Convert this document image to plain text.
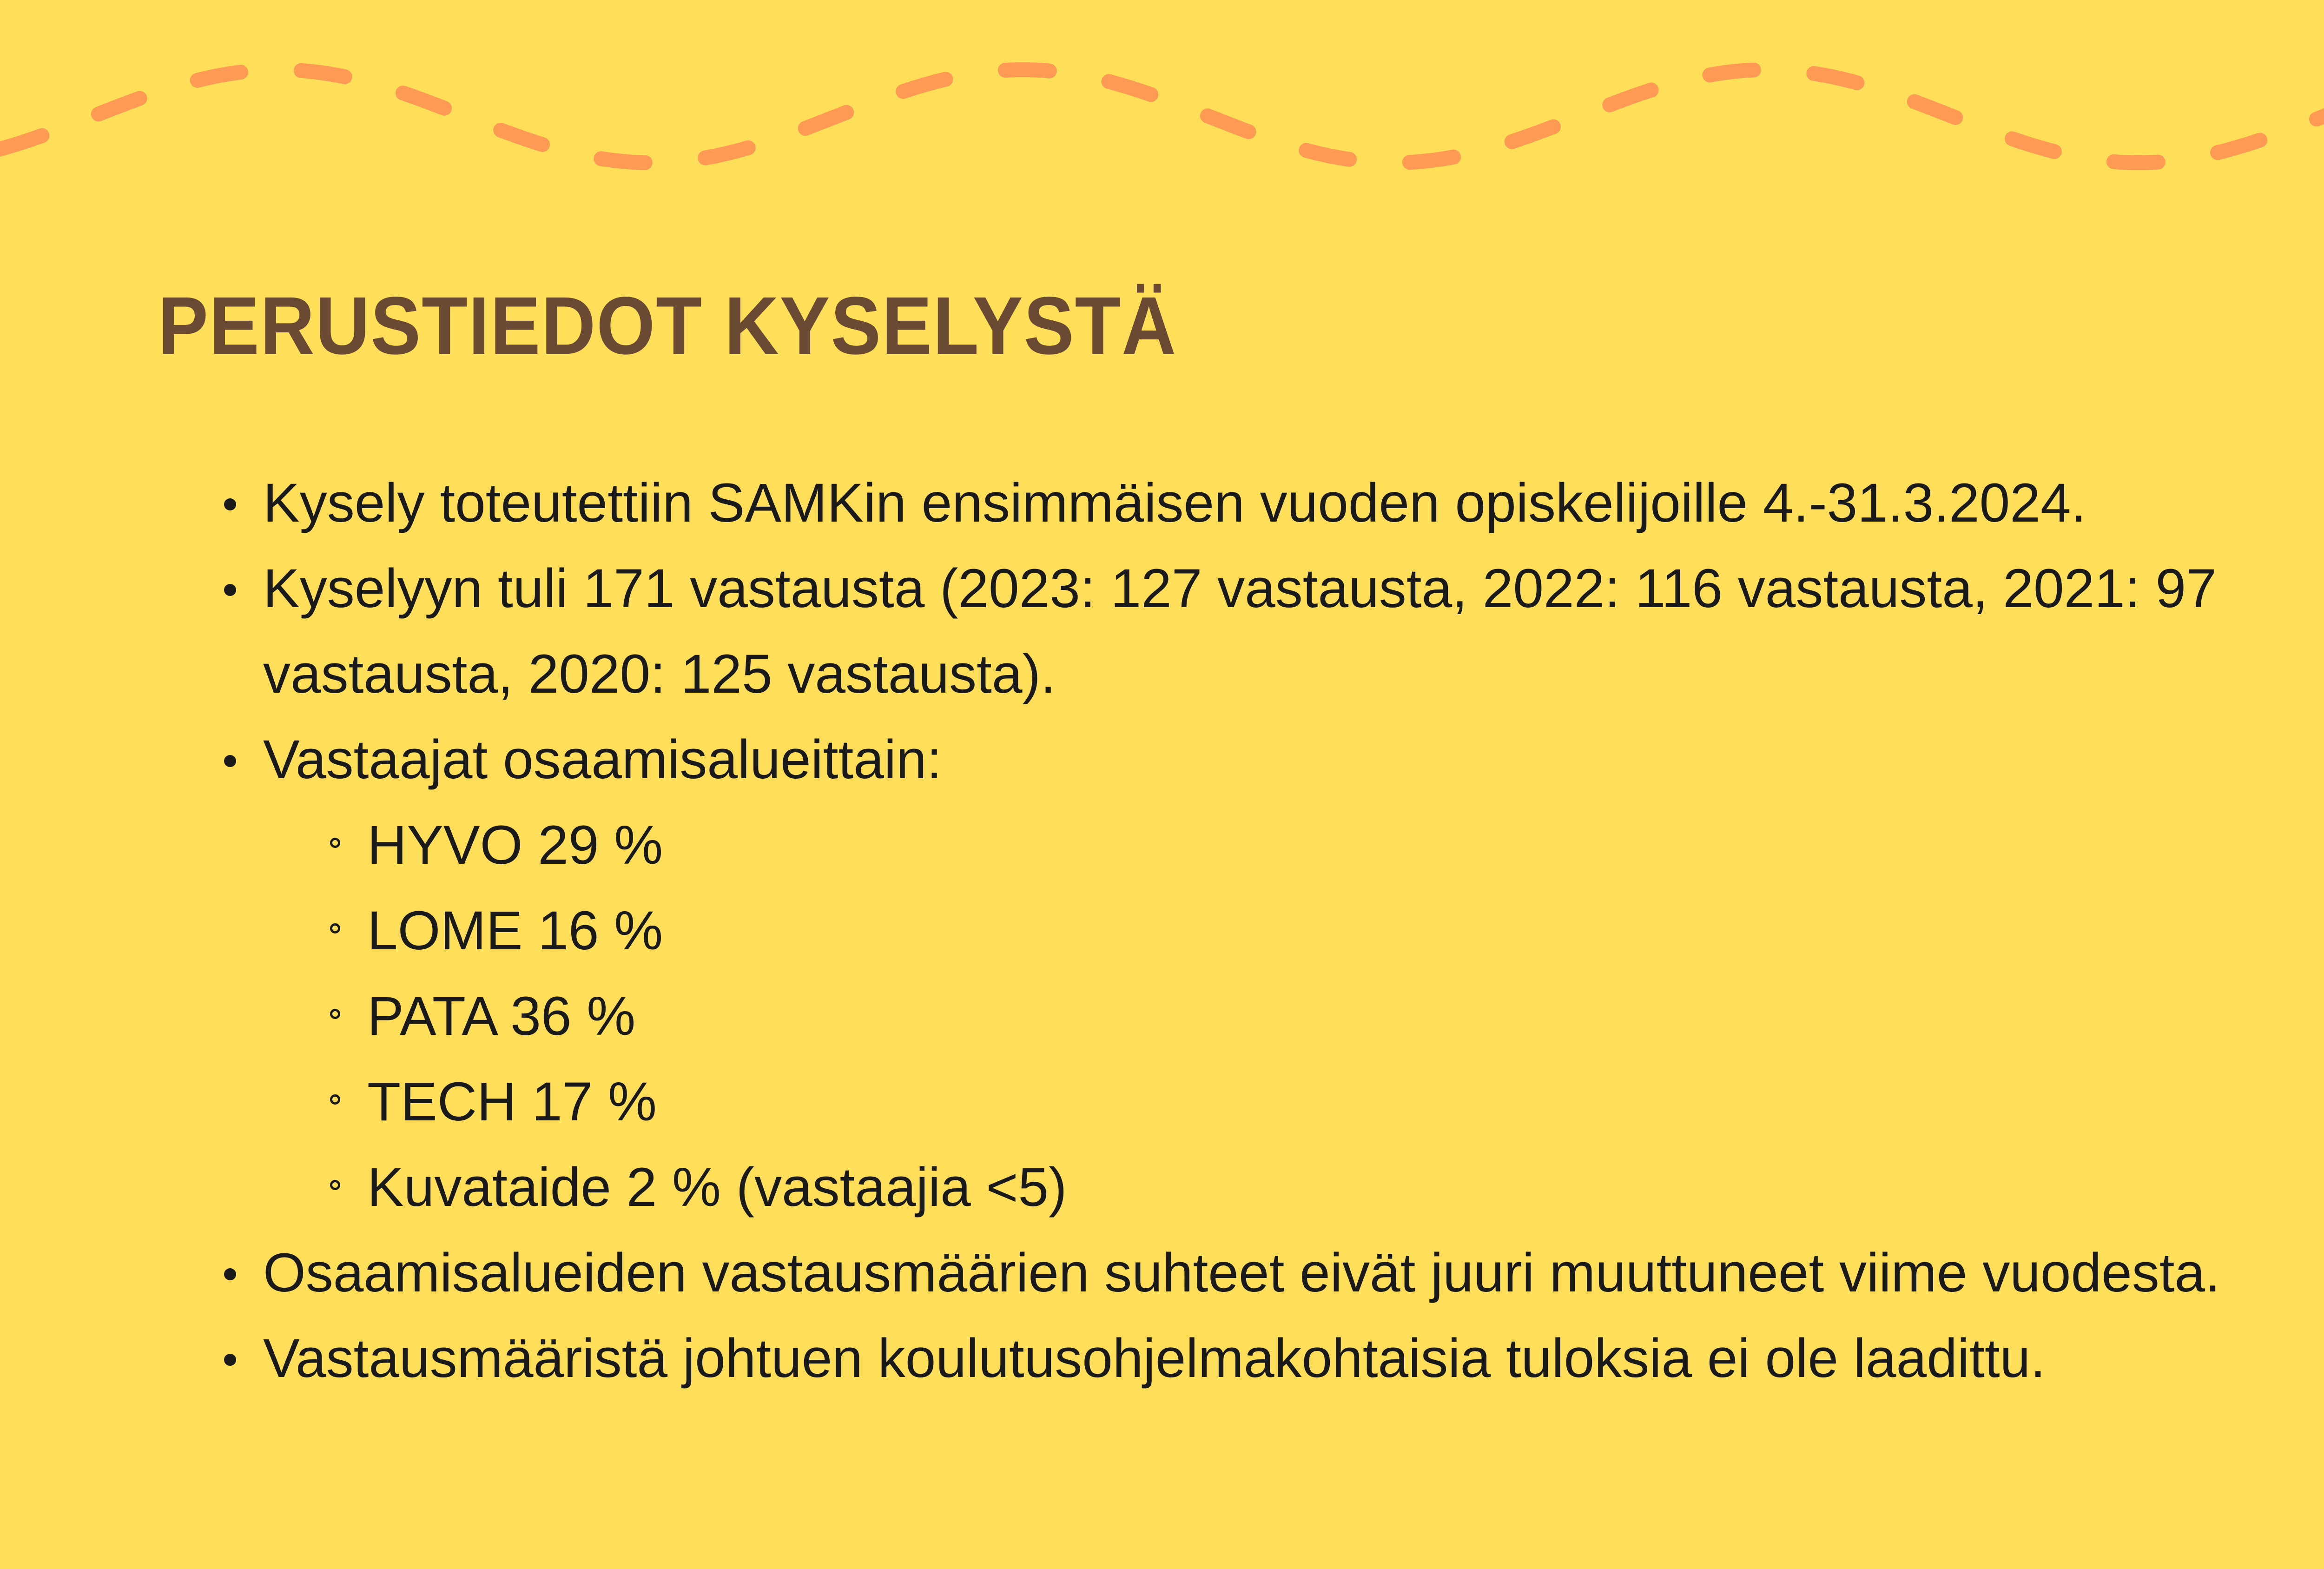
PERUSTIEDOT KYSELYSTÄ
Kysely toteutettiin SAMKin ensimmäisen vuoden opiskelijoille 4.-31.3.2024.
Kyselyyn tuli 171 vastausta (2023: 127 vastausta, 2022: 116 vastausta, 2021: 97
vastausta, 2020: 125 vastausta).
Vastaajat osaamisalueittain:
HYVO 29 %
LOME 16 %
PATA 36 %
TECH 17 %
Kuvataide 2 % (vastaajia <5)
Osaamisalueiden vastausmäärien suhteet eivät juuri muuttuneet viime vuodesta.
Vastausmääristä johtuen koulutusohjelmakohtaisia tuloksia ei ole laadittu.
